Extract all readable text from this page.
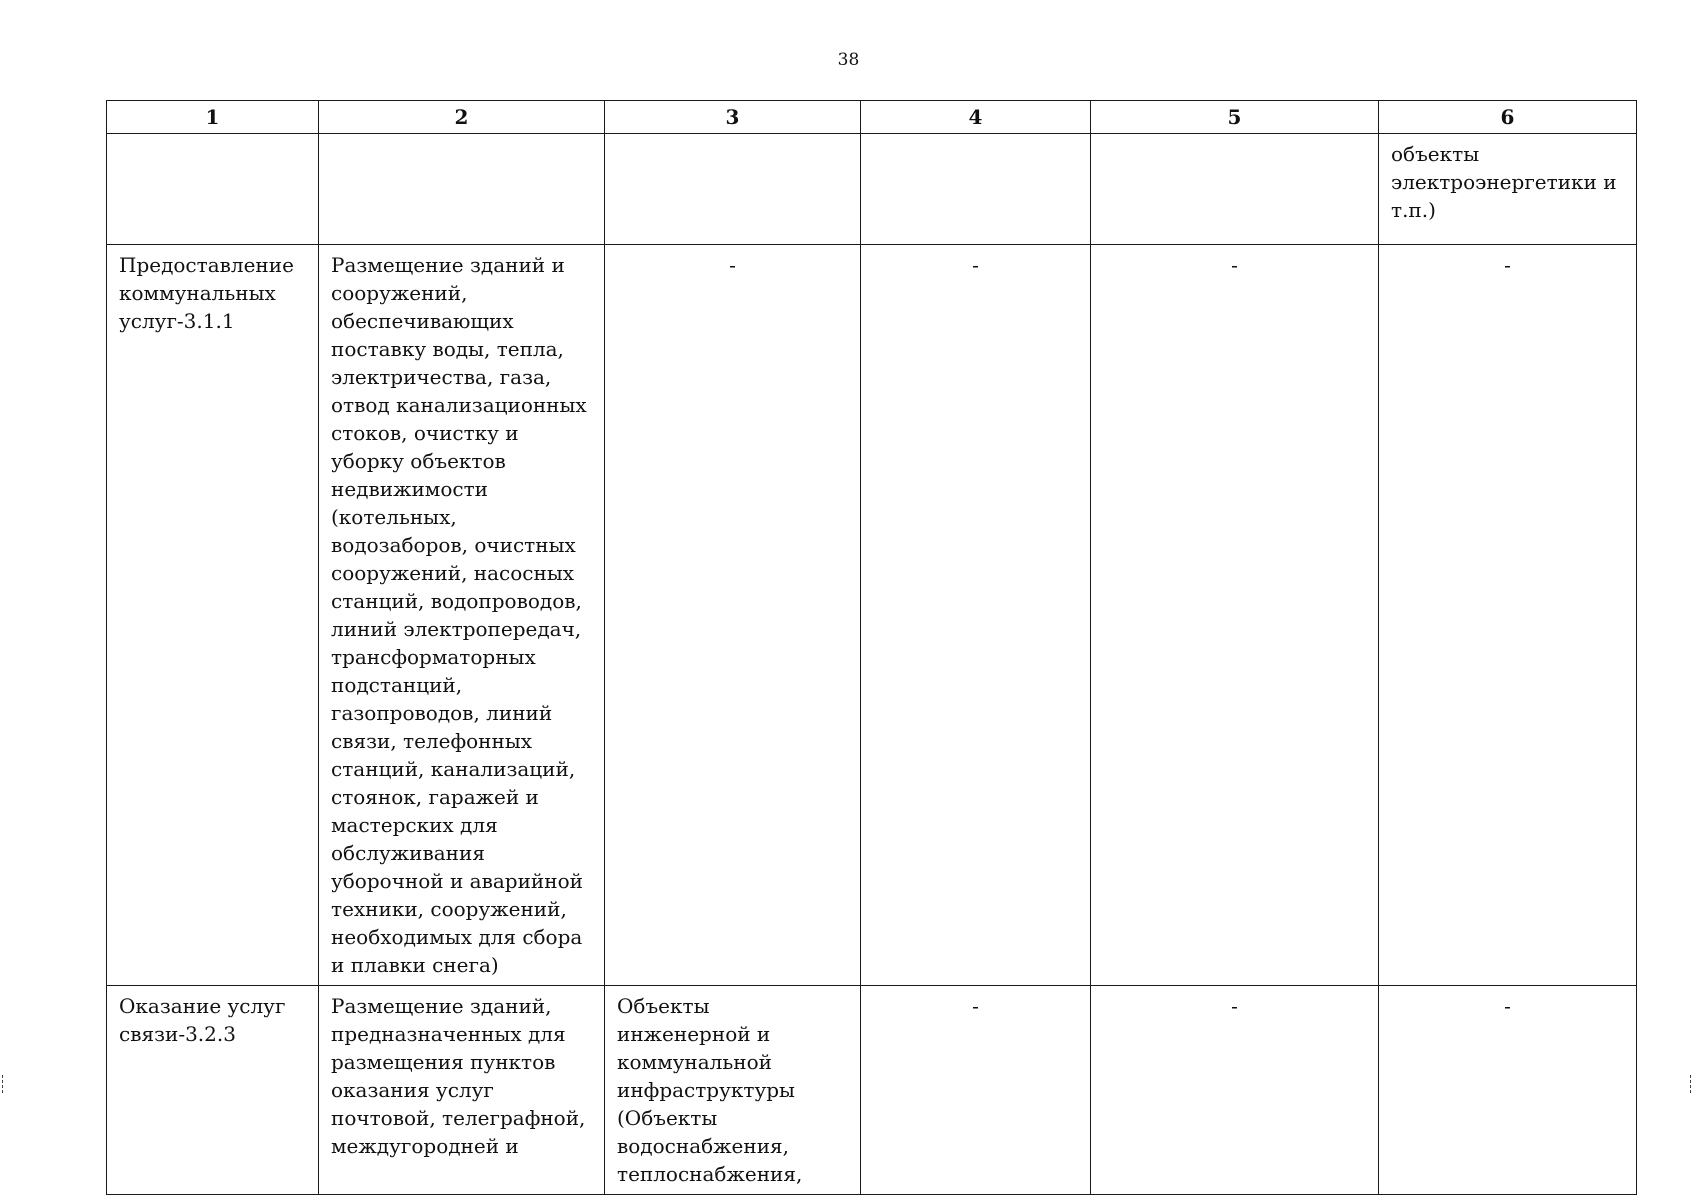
38
1	2	3	4	5	6
					объекты электроэнергетики и т.п.)
Предоставление коммунальных услуг-3.1.1	Размещение зданий и сооружений, обеспечивающих поставку воды, тепла, электричества, газа, отвод канализационных стоков, очистку и уборку объектов недвижимости (котельных, водозаборов, очистных сооружений, насосных станций, водопроводов, линий электропередач, трансформаторных подстанций, газопроводов, линий связи, телефонных станций, канализаций, стоянок, гаражей и мастерских для обслуживания уборочной и аварийной техники, сооружений, необходимых для сбора и плавки снега)	-	-	-	-
Оказание услуг связи-3.2.3	Размещение зданий, предназначенных для размещения пунктов оказания услуг почтовой, телеграфной, междугородней и	Объекты инженерной и коммунальной инфраструктуры (Объекты водоснабжения, теплоснабжения,	-	-	-
